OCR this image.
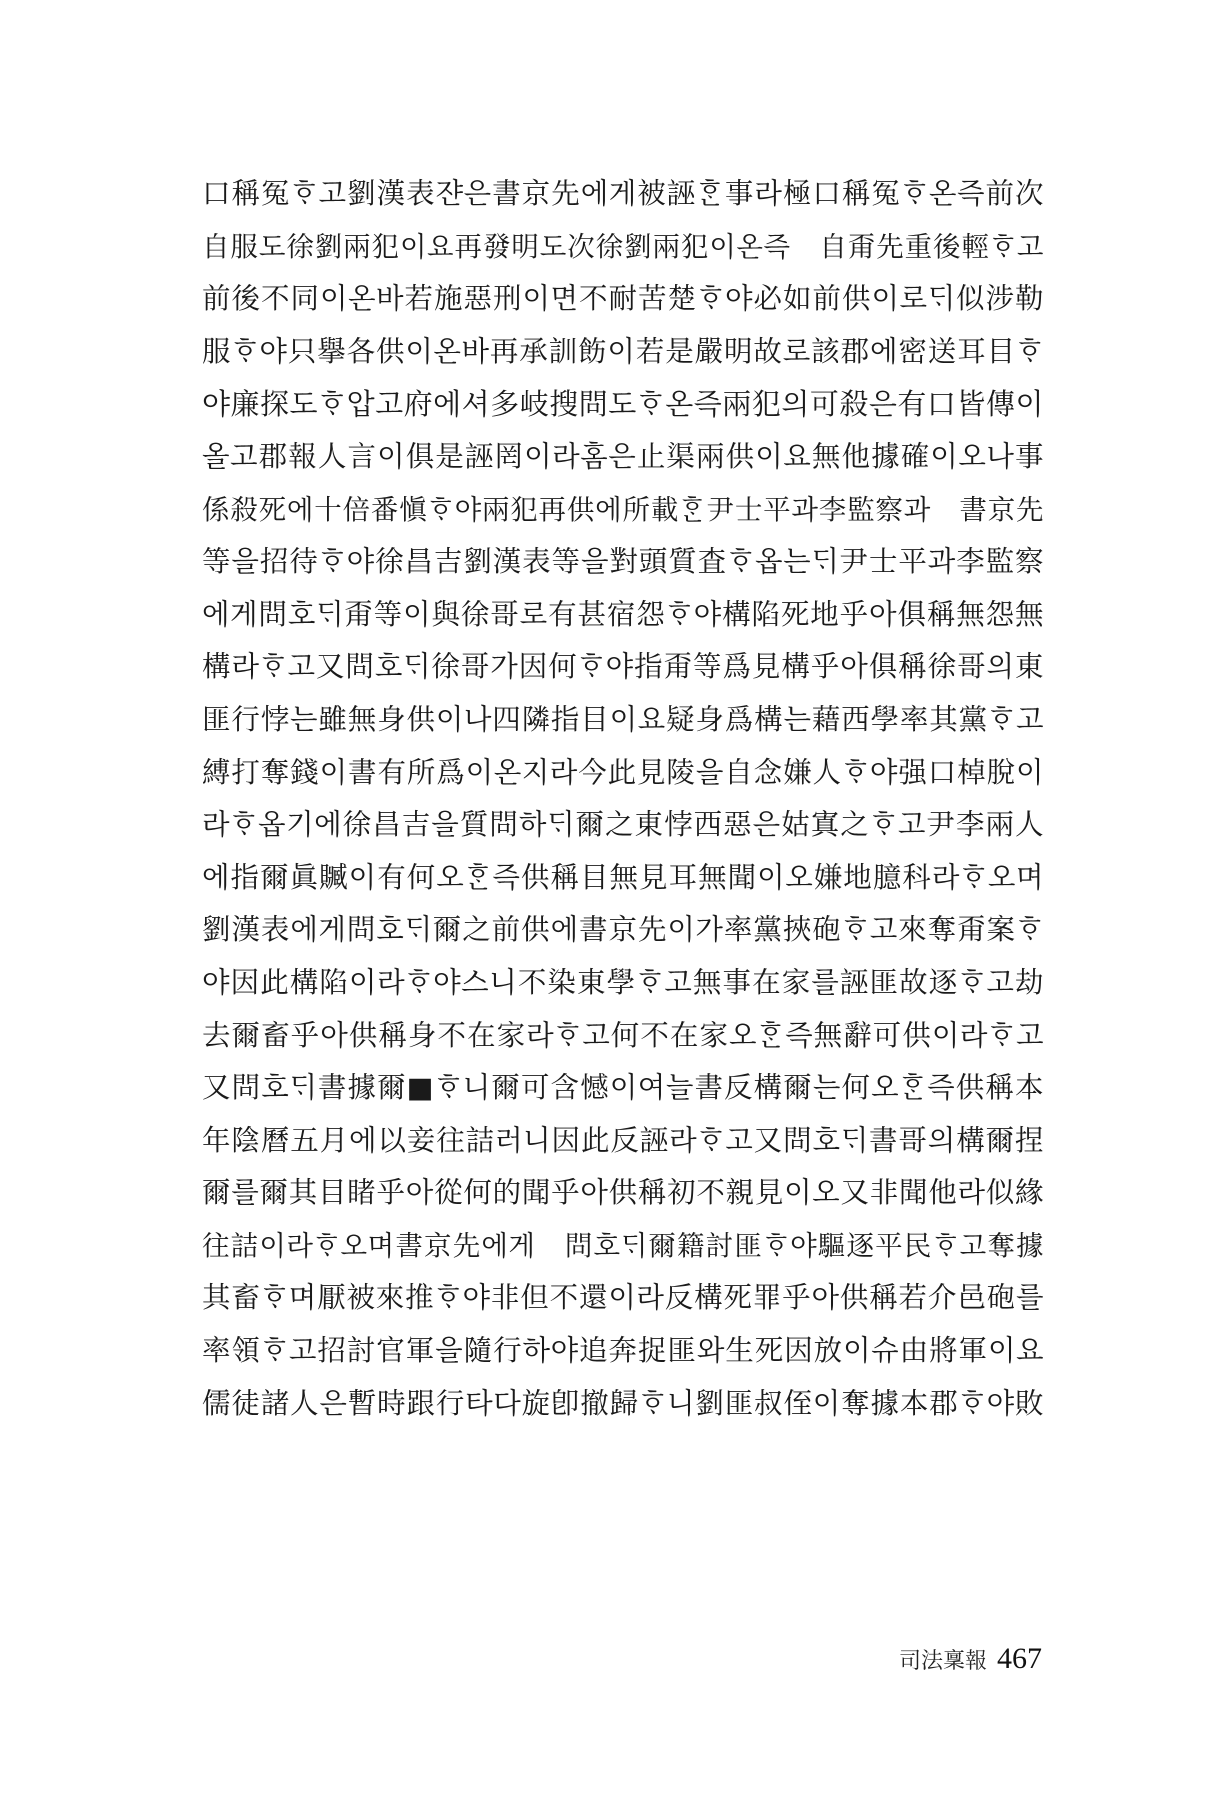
口稱冤ᄒᆞ고劉漢表쟌은書京先에게被誣ᄒᆞᆫ事라極口稱冤ᄒᆞ온즉前次
自服도徐劉兩犯이요再發明도次徐劉兩犯이온즉　自甭先重後輕ᄒᆞ고
前後不同이온바若施惡刑이면不耐苦楚ᄒᆞ야必如前供이로ᄃᆡ似涉勒
服ᄒᆞ야只擧各供이온바再承訓飭이若是嚴明故로該郡에密送耳目ᄒᆞ
야廉探도ᄒᆞ압고府에셔多岐搜問도ᄒᆞ온즉兩犯의可殺은有口皆傳이
올고郡報人言이俱是誣罔이라홈은止渠兩供이요無他據確이오나事
係殺死에十倍番愼ᄒᆞ야兩犯再供에所載ᄒᆞᆫ尹士平과李監察과　書京先
等을招待ᄒᆞ야徐昌吉劉漢表等을對頭質査ᄒᆞ옵는ᄃᆡ尹士平과李監察
에게問호ᄃᆡ甭等이與徐哥로有甚宿怨ᄒᆞ야構陷死地乎아俱稱無怨無
構라ᄒᆞ고又問호ᄃᆡ徐哥가因何ᄒᆞ야指甭等爲見構乎아俱稱徐哥의東
匪行悖는雖無身供이나四隣指目이요疑身爲構는藉西學率其黨ᄒᆞ고
縛打奪錢이書有所爲이온지라今此見陵을自念嫌人ᄒᆞ야强口棹脫이
라ᄒᆞ옵기에徐昌吉을質問하ᄃᆡ爾之東悖西惡은姑寘之ᄒᆞ고尹李兩人
에指爾眞贓이有何오ᄒᆞᆫ즉供稱目無見耳無聞이오嫌地臆科라ᄒᆞ오며
劉漢表에게問호ᄃᆡ爾之前供에書京先이가率黨挾砲ᄒᆞ고來奪甭案ᄒᆞ
야因此構陷이라ᄒᆞ야스니不染東學ᄒᆞ고無事在家를誣匪故逐ᄒᆞ고劫
去爾畜乎아供稱身不在家라ᄒᆞ고何不在家오ᄒᆞᆫ즉無辭可供이라ᄒᆞ고
又問호ᄃᆡ書據爾■ᄒᆞ니爾可含憾이여늘書反構爾는何오ᄒᆞᆫ즉供稱本
年陰曆五月에以妾往詰러니因此反誣라ᄒᆞ고又問호ᄃᆡ書哥의構爾捏
爾를爾其目睹乎아從何的聞乎아供稱初不親見이오又非聞他라似緣
往詰이라ᄒᆞ오며書京先에게　問호ᄃᆡ爾籍討匪ᄒᆞ야驅逐平民ᄒᆞ고奪據
其畜ᄒᆞ며厭被來推ᄒᆞ야非但不還이라反構死罪乎아供稱若介邑砲를
率領ᄒᆞ고招討官軍을隨行하야追奔捉匪와生死因放이슈由將軍이요
儒徒諸人은暫時跟行타다旋卽撤歸ᄒᆞ니劉匪叔侄이奪據本郡ᄒᆞ야敗
司法稟報 467
